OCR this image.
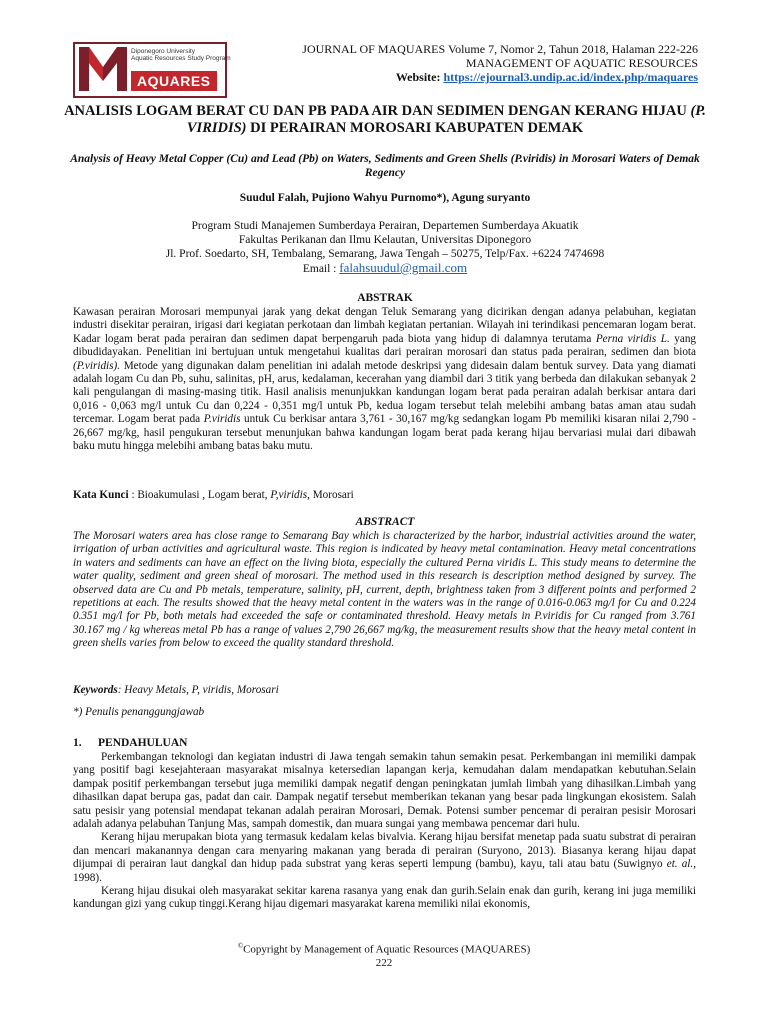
Diponegoro University
Aquatic Resources Study Program
AQUARES
JOURNAL OF MAQUARES Volume 7, Nomor 2, Tahun 2018, Halaman 222-226
MANAGEMENT OF AQUATIC RESOURCES
Website: https://ejournal3.undip.ac.id/index.php/maquares
ANALISIS LOGAM BERAT CU DAN PB PADA AIR DAN SEDIMEN DENGAN KERANG HIJAU (P. VIRIDIS) DI PERAIRAN MOROSARI KABUPATEN DEMAK
Analysis of Heavy Metal Copper (Cu) and Lead (Pb) on Waters, Sediments and Green Shells (P.viridis) in Morosari Waters of Demak Regency
Suudul Falah, Pujiono Wahyu Purnomo*), Agung suryanto
Program Studi Manajemen Sumberdaya Perairan, Departemen Sumberdaya Akuatik
Fakultas Perikanan dan Ilmu Kelautan, Universitas Diponegoro
Jl. Prof. Soedarto, SH, Tembalang, Semarang, Jawa Tengah – 50275, Telp/Fax. +6224 7474698
Email : falahsuudul@gmail.com
ABSTRAK
Kawasan perairan Morosari mempunyai jarak yang dekat dengan Teluk Semarang yang dicirikan dengan adanya pelabuhan, kegiatan industri disekitar perairan, irigasi dari kegiatan perkotaan dan limbah kegiatan pertanian. Wilayah ini terindikasi pencemaran logam berat. Kadar logam berat pada perairan dan sedimen dapat berpengaruh pada biota yang hidup di dalamnya terutama Perna viridis L. yang dibudidayakan. Penelitian ini bertujuan untuk mengetahui kualitas dari perairan morosari dan status pada perairan, sedimen dan biota (P.viridis). Metode yang digunakan dalam penelitian ini adalah metode deskripsi yang didesain dalam bentuk survey. Data yang diamati adalah logam Cu dan Pb, suhu, salinitas, pH, arus, kedalaman, kecerahan yang diambil dari 3 titik yang berbeda dan dilakukan sebanyak 2 kali pengulangan di masing-masing titik. Hasil analisis menunjukkan kandungan logam berat pada perairan adalah berkisar antara dari 0,016 - 0,063 mg/l untuk Cu dan 0,224 - 0,351 mg/l untuk Pb, kedua logam tersebut telah melebihi ambang batas aman atau sudah tercemar. Logam berat pada P.viridis untuk Cu berkisar antara 3,761 - 30,167 mg/kg sedangkan logam Pb memiliki kisaran nilai 2,790 - 26,667 mg/kg, hasil pengukuran tersebut menunjukan bahwa kandungan logam berat pada kerang hijau bervariasi mulai dari dibawah baku mutu hingga melebihi ambang batas baku mutu.
Kata Kunci : Bioakumulasi , Logam berat, P,viridis, Morosari
ABSTRACT
The Morosari waters area has close range to Semarang Bay which is characterized by the harbor, industrial activities around the water, irrigation of urban activities and agricultural waste. This region is indicated by heavy metal contamination. Heavy metal concentrations in waters and sediments can have an effect on the living biota, especially the cultured Perna viridis L. This study means to determine the water quality, sediment and green sheal of morosari. The method used in this research is description method designed by survey. The observed data are Cu and Pb metals, temperature, salinity, pH, current, depth, brightness taken from 3 different points and performed 2 repetitions at each. The results showed that the heavy metal content in the waters was in the range of 0.016-0.063 mg/l for Cu and 0.224 0.351 mg/l for Pb, both metals had exceeded the safe or contaminated threshold. Heavy metals in P.viridis for Cu ranged from 3.761 30.167 mg / kg whereas metal Pb has a range of values 2,790 26,667 mg/kg, the measurement results show that the heavy metal content in green shells varies from below to exceed the quality standard threshold.
Keywords: Heavy Metals, P, viridis, Morosari
*) Penulis penanggungjawab
1. PENDAHULUAN

Perkembangan teknologi dan kegiatan industri di Jawa tengah semakin tahun semakin pesat. Perkembangan ini memiliki dampak yang positif bagi kesejahteraan masyarakat misalnya ketersedian lapangan kerja, kemudahan dalam mendapatkan kebutuhan.Selain dampak positif perkembangan tersebut juga memiliki dampak negatif dengan peningkatan jumlah limbah yang dihasilkan.Limbah yang dihasilkan dapat berupa gas, padat dan cair. Dampak negatif tersebut memberikan tekanan yang besar pada lingkungan ekosistem. Salah satu pesisir yang potensial mendapat tekanan adalah perairan Morosari, Demak. Potensi sumber pencemar di perairan pesisir Morosari adalah adanya pelabuhan Tanjung Mas, sampah domestik, dan muara sungai yang membawa pencemar dari hulu.

Kerang hijau merupakan biota yang termasuk kedalam kelas bivalvia. Kerang hijau bersifat menetap pada suatu substrat di perairan dan mencari makanannya dengan cara menyaring makanan yang berada di perairan (Suryono, 2013). Biasanya kerang hijau dapat dijumpai di perairan laut dangkal dan hidup pada substrat yang keras seperti lempung (bambu), kayu, tali atau batu (Suwignyo et. al., 1998).

Kerang hijau disukai oleh masyarakat sekitar karena rasanya yang enak dan gurih.Selain enak dan gurih, kerang ini juga memiliki kandungan gizi yang cukup tinggi.Kerang hijau digemari masyarakat karena memiliki nilai ekonomis,

©Copyright by Management of Aquatic Resources (MAQUARES)
222
